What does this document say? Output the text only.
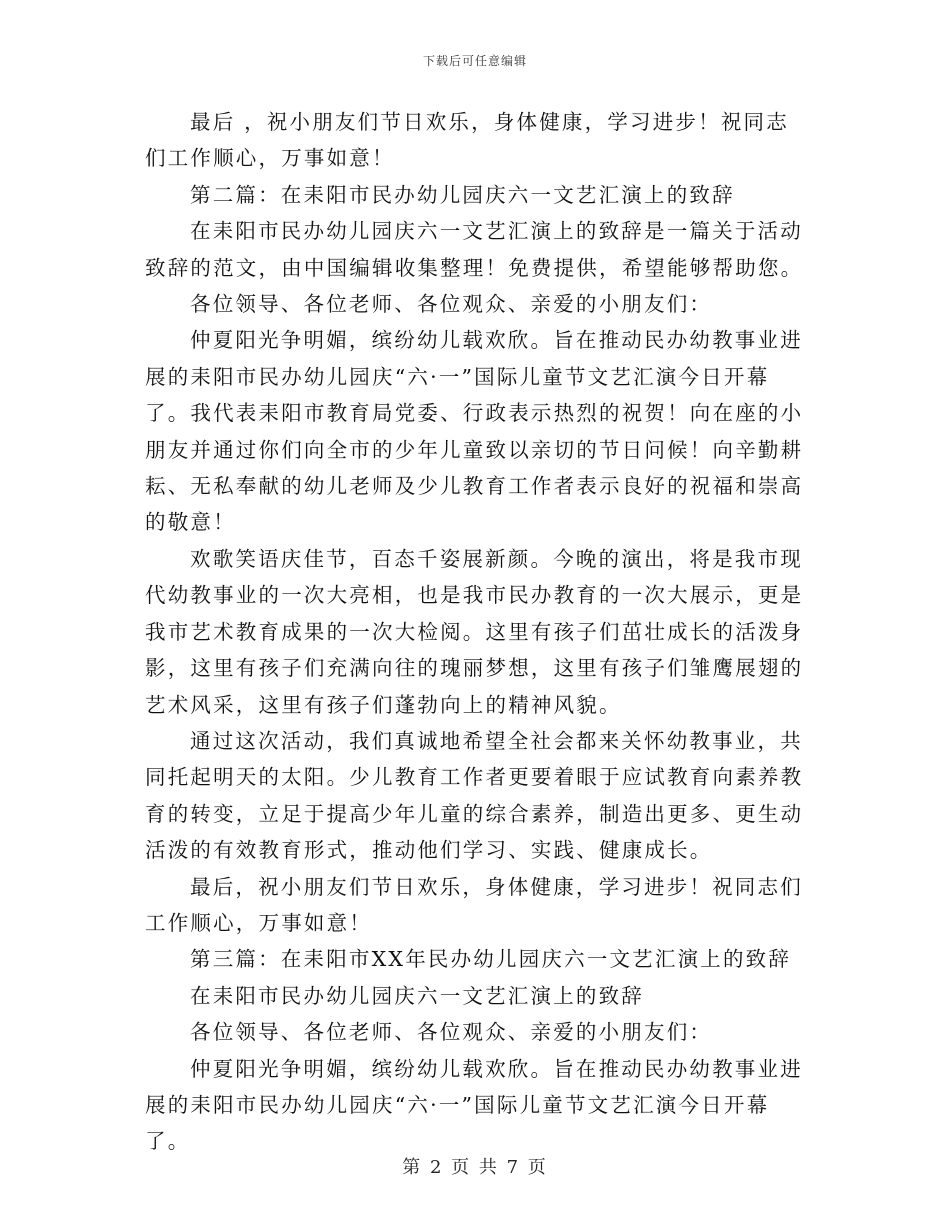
下载后可任意编辑

最后 ，祝小朋友们节日欢乐，身体健康，学习进步！祝同志们工作顺心，万事如意！

第二篇：在耒阳市民办幼儿园庆六一文艺汇演上的致辞

在耒阳市民办幼儿园庆六一文艺汇演上的致辞是一篇关于活动致辞的范文，由中国编辑收集整理！免费提供，希望能够帮助您。

各位领导、各位老师、各位观众、亲爱的小朋友们：

仲夏阳光争明媚，缤纷幼儿载欢欣。旨在推动民办幼教事业进展的耒阳市民办幼儿园庆“六·一”国际儿童节文艺汇演今日开幕了。我代表耒阳市教育局党委、行政表示热烈的祝贺！向在座的小朋友并通过你们向全市的少年儿童致以亲切的节日问候！向辛勤耕耘、无私奉献的幼儿老师及少儿教育工作者表示良好的祝福和崇高的敬意！

欢歌笑语庆佳节，百态千姿展新颜。今晚的演出，将是我市现代幼教事业的一次大亮相，也是我市民办教育的一次大展示，更是我市艺术教育成果的一次大检阅。这里有孩子们茁壮成长的活泼身影，这里有孩子们充满向往的瑰丽梦想，这里有孩子们雏鹰展翅的艺术风采，这里有孩子们蓬勃向上的精神风貌。

通过这次活动，我们真诚地希望全社会都来关怀幼教事业，共同托起明天的太阳。少儿教育工作者更要着眼于应试教育向素养教育的转变，立足于提高少年儿童的综合素养，制造出更多、更生动活泼的有效教育形式，推动他们学习、实践、健康成长。

最后，祝小朋友们节日欢乐，身体健康，学习进步！祝同志们工作顺心，万事如意！

第三篇：在耒阳市XX年民办幼儿园庆六一文艺汇演上的致辞

在耒阳市民办幼儿园庆六一文艺汇演上的致辞

各位领导、各位老师、各位观众、亲爱的小朋友们：

仲夏阳光争明媚，缤纷幼儿载欢欣。旨在推动民办幼教事业进展的耒阳市民办幼儿园庆“六·一”国际儿童节文艺汇演今日开幕了。

第 2 页 共 7 页
